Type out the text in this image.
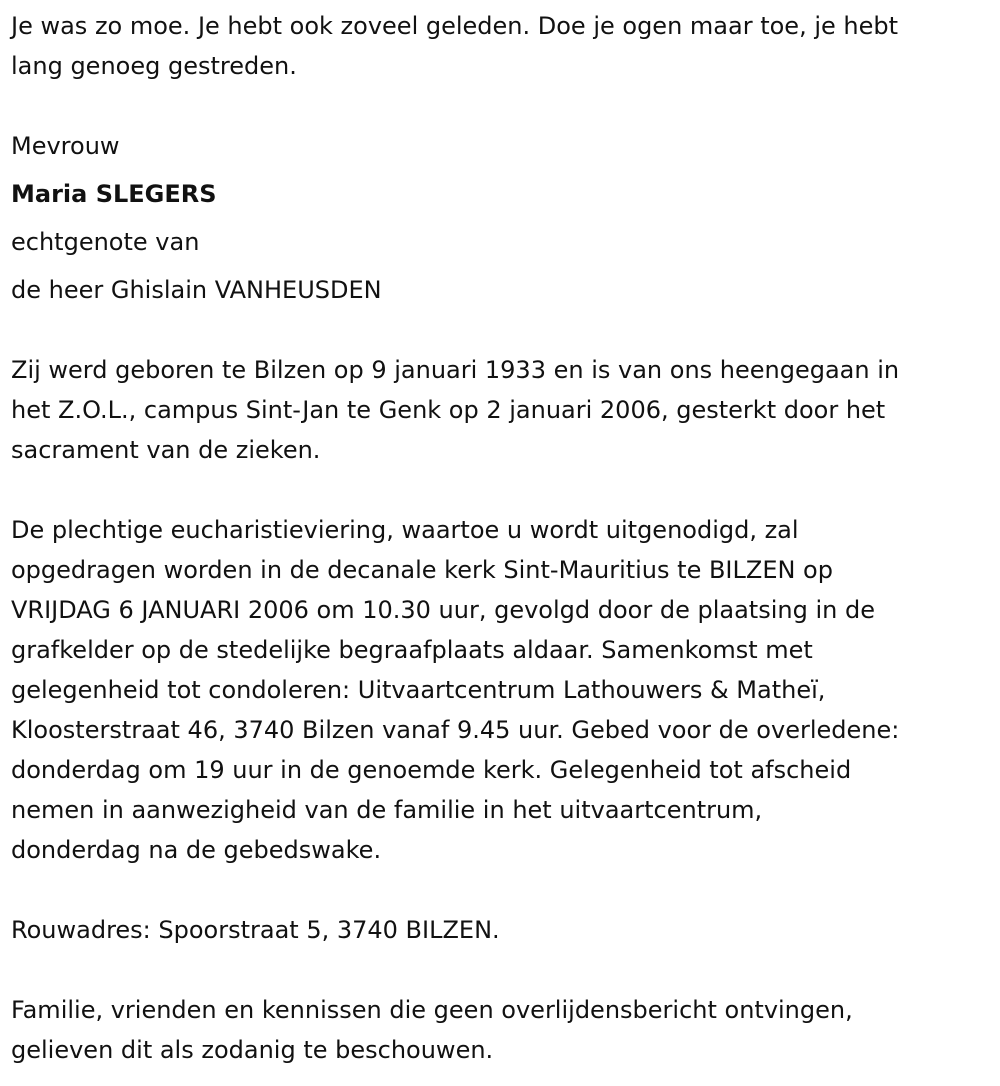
Je was zo moe. Je hebt ook zoveel geleden. Doe je ogen maar toe, je hebt

lang genoeg gestreden.

Mevrouw

Maria SLEGERS

echtgenote van

de heer Ghislain VANHEUSDEN

Zij werd geboren te Bilzen op 9 januari 1933 en is van ons heengegaan in

het Z.O.L., campus Sint-Jan te Genk op 2 januari 2006, gesterkt door het

sacrament van de zieken.

De plechtige eucharistieviering, waartoe u wordt uitgenodigd, zal

opgedragen worden in de decanale kerk Sint-Mauritius te BILZEN op

VRIJDAG 6 JANUARI 2006 om 10.30 uur, gevolgd door de plaatsing in de

grafkelder op de stedelijke begraafplaats aldaar. Samenkomst met

gelegenheid tot condoleren: Uitvaartcentrum Lathouwers & Matheï,

Kloosterstraat 46, 3740 Bilzen vanaf 9.45 uur. Gebed voor de overledene:

donderdag om 19 uur in de genoemde kerk. Gelegenheid tot afscheid

nemen in aanwezigheid van de familie in het uitvaartcentrum,

donderdag na de gebedswake.

Rouwadres: Spoorstraat 5, 3740 BILZEN.

Familie, vrienden en kennissen die geen overlijdensbericht ontvingen,

gelieven dit als zodanig te beschouwen.
